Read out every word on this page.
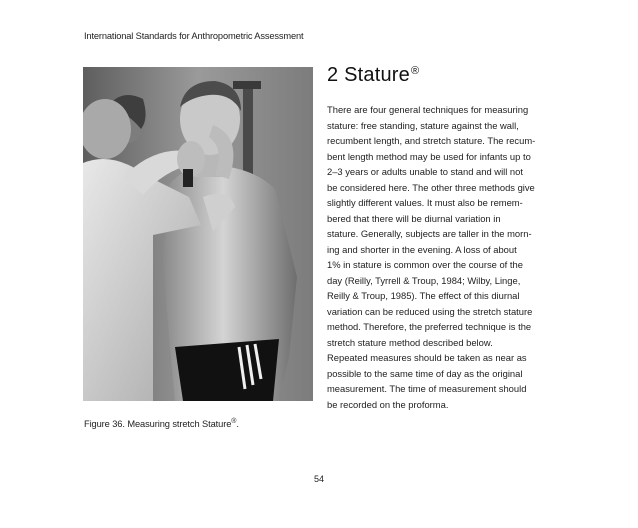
International Standards for Anthropometric Assessment
2 Stature®

There are four general techniques for measuring

stature: free standing, stature against the wall,

recumbent length, and stretch stature. The recum-

bent length method may be used for infants up to

2–3 years or adults unable to stand and will not

be considered here. The other three methods give

slightly different values. It must also be remem-

bered that there will be diurnal variation in

stature. Generally, subjects are taller in the morn-

ing and shorter in the evening. A loss of about

1% in stature is common over the course of the

day (Reilly, Tyrrell & Troup, 1984; Wilby, Linge,

Reilly & Troup, 1985). The effect of this diurnal

variation can be reduced using the stretch stature

method. Therefore, the preferred technique is the

stretch stature method described below.

Repeated measures should be taken as near as

possible to the same time of day as the original

measurement. The time of measurement should

be recorded on the proforma.

Figure 36. Measuring stretch Stature®.
54
